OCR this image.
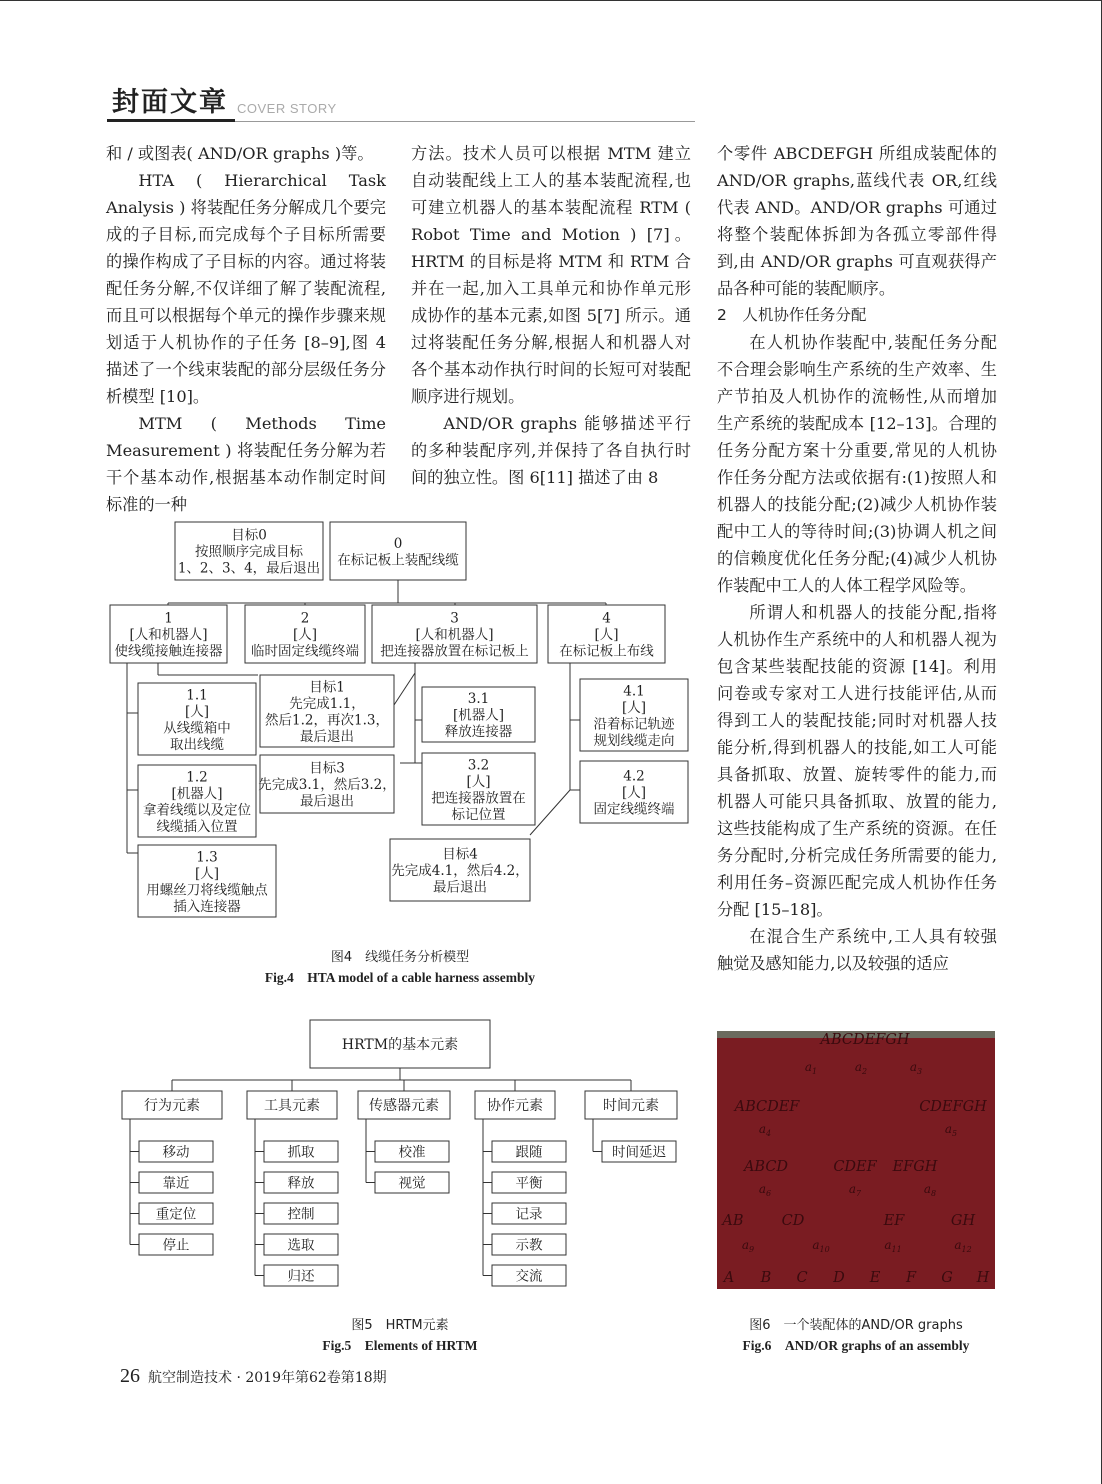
封面文章 COVER STORY

和 / 或图表( AND/OR graphs )等。

HTA ( Hierarchical Task Analysis ) 将装配任务分解成几个要完成的子目标,而完成每个子目标所需要的操作构成了子目标的内容。通过将装配任务分解,不仅详细了解了装配流程,而且可以根据每个单元的操作步骤来规划适于人机协作的子任务 [8–9],图 4 描述了一个线束装配的部分层级任务分析模型 [10]。

MTM ( Methods Time Measurement ) 将装配任务分解为若干个基本动作,根据基本动作制定时间标准的一种

方法。技术人员可以根据 MTM 建立自动装配线上工人的基本装配流程,也可建立机器人的基本装配流程 RTM ( Robot Time and Motion ) [7]。HRTM 的目标是将 MTM 和 RTM 合并在一起,加入工具单元和协作单元形成协作的基本元素,如图 5[7] 所示。通过将装配任务分解,根据人和机器人对各个基本动作执行时间的长短可对装配顺序进行规划。

AND/OR graphs 能够描述平行的多种装配序列,并保持了各自执行时间的独立性。图 6[11] 描述了由 8

个零件 ABCDEFGH 所组成装配体的 AND/OR graphs,蓝线代表 OR,红线代表 AND。AND/OR graphs 可通过将整个装配体拆卸为各孤立零部件得到,由 AND/OR graphs 可直观获得产品各种可能的装配顺序。

2　人机协作任务分配

在人机协作装配中,装配任务分配不合理会影响生产系统的生产效率、生产节拍及人机协作的流畅性,从而增加生产系统的装配成本 [12–13]。合理的任务分配方案十分重要,常见的人机协作任务分配方法或依据有:(1)按照人和机器人的技能分配;(2)减少人机协作装配中工人的等待时间;(3)协调人机之间的信赖度优化任务分配;(4)减少人机协作装配中工人的人体工程学风险等。

所谓人和机器人的技能分配,指将人机协作生产系统中的人和机器人视为包含某些装配技能的资源 [14]。利用问卷或专家对工人进行技能评估,从而得到工人的装配技能;同时对机器人技能分析,得到机器人的技能,如工人可能具备抓取、放置、旋转零件的能力,而机器人可能只具备抓取、放置的能力,这些技能构成了生产系统的资源。在任务分配时,分析完成任务所需要的能力,利用任务–资源匹配完成人机协作任务分配 [15–18]。

在混合生产系统中,工人具有较强触觉及感知能力,以及较强的适应

目标0
按照顺序完成目标
1、2、3、4，最后退出
0
在标记板上装配线缆
1
[人和机器人]
使线缆接触连接器
2
[人]
临时固定线缆终端
3
[人和机器人]
把连接器放置在标记板上
4
[人]
在标记板上布线
1.1
[人]
从线缆箱中
取出线缆
目标1
先完成1.1，
然后1.2，再次1.3，
最后退出
1.2
[机器人]
拿着线缆以及定位
线缆插入位置
1.3
[人]
用螺丝刀将线缆触点
插入连接器
目标3
先完成3.1，然后3.2，
最后退出
3.1
[机器人]
释放连接器
3.2
[人]
把连接器放置在
标记位置
4.1
[人]
沿着标记轨迹
规划线缆走向
4.2
[人]
固定线缆终端
目标4
先完成4.1，然后4.2，
最后退出
图4　线缆任务分析模型
Fig.4　HTA model of a cable harness assembly
HRTM的基本元素
行为元素
移动
靠近
重定位
停止
工具元素
抓取
释放
控制
选取
归还
传感器元素
校准
视觉
协作元素
跟随
平衡
记录
示教
交流
时间元素
时间延迟
图5　HRTM元素
Fig.5　Elements of HRTM
ABCDEFGH
$a_1$	$a_2$	$a_3$
ABCDEF	CDEFGH
$a_4$	$a_5$
ABCD	CDEF EFGH
$a_6$	$a_7$	$a_8$
AB	CD	EF	GH
$a_9$	$a_{10}$	$a_{11}$	$a_{12}$
A B C D E F G H
图6　一个装配体的AND/OR graphs
Fig.6　AND/OR graphs of an assembly
26 航空制造技术 · 2019年第62卷第18期
